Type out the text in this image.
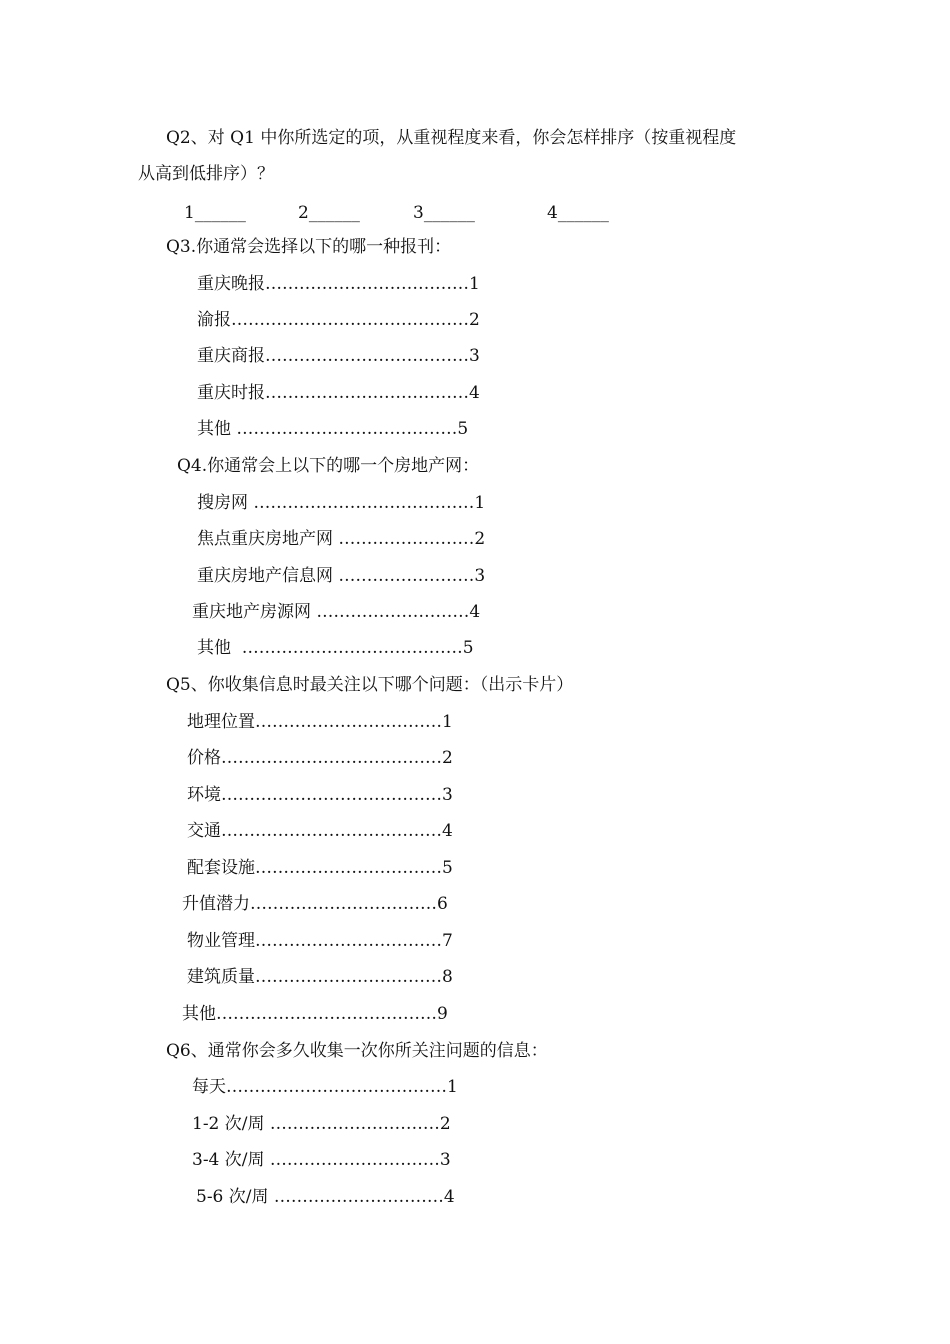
Q2、对 Q1 中你所选定的项，从重视程度来看，你会怎样排序（按重视程度
从高到低排序）？
1______	2______	3______	4______
Q3.你通常会选择以下的哪一种报刊：
重庆晚报………………………………1
渝报……………………………………2
重庆商报………………………………3
重庆时报………………………………4
其他 …………………………………5
Q4.你通常会上以下的哪一个房地产网：
搜房网 …………………………………1
焦点重庆房地产网 ……………………2
重庆房地产信息网 ……………………3
重庆地产房源网 ………………………4
其他  …………………………………5
Q5、你收集信息时最关注以下哪个问题：（出示卡片）
地理位置……………………………1
价格…………………………………2
环境…………………………………3
交通…………………………………4
配套设施……………………………5
升值潜力……………………………6
物业管理……………………………7
建筑质量……………………………8
其他…………………………………9
Q6、通常你会多久收集一次你所关注问题的信息：
每天…………………………………1
1-2 次/周 …………………………2
3-4 次/周 …………………………3
5-6 次/周 …………………………4
